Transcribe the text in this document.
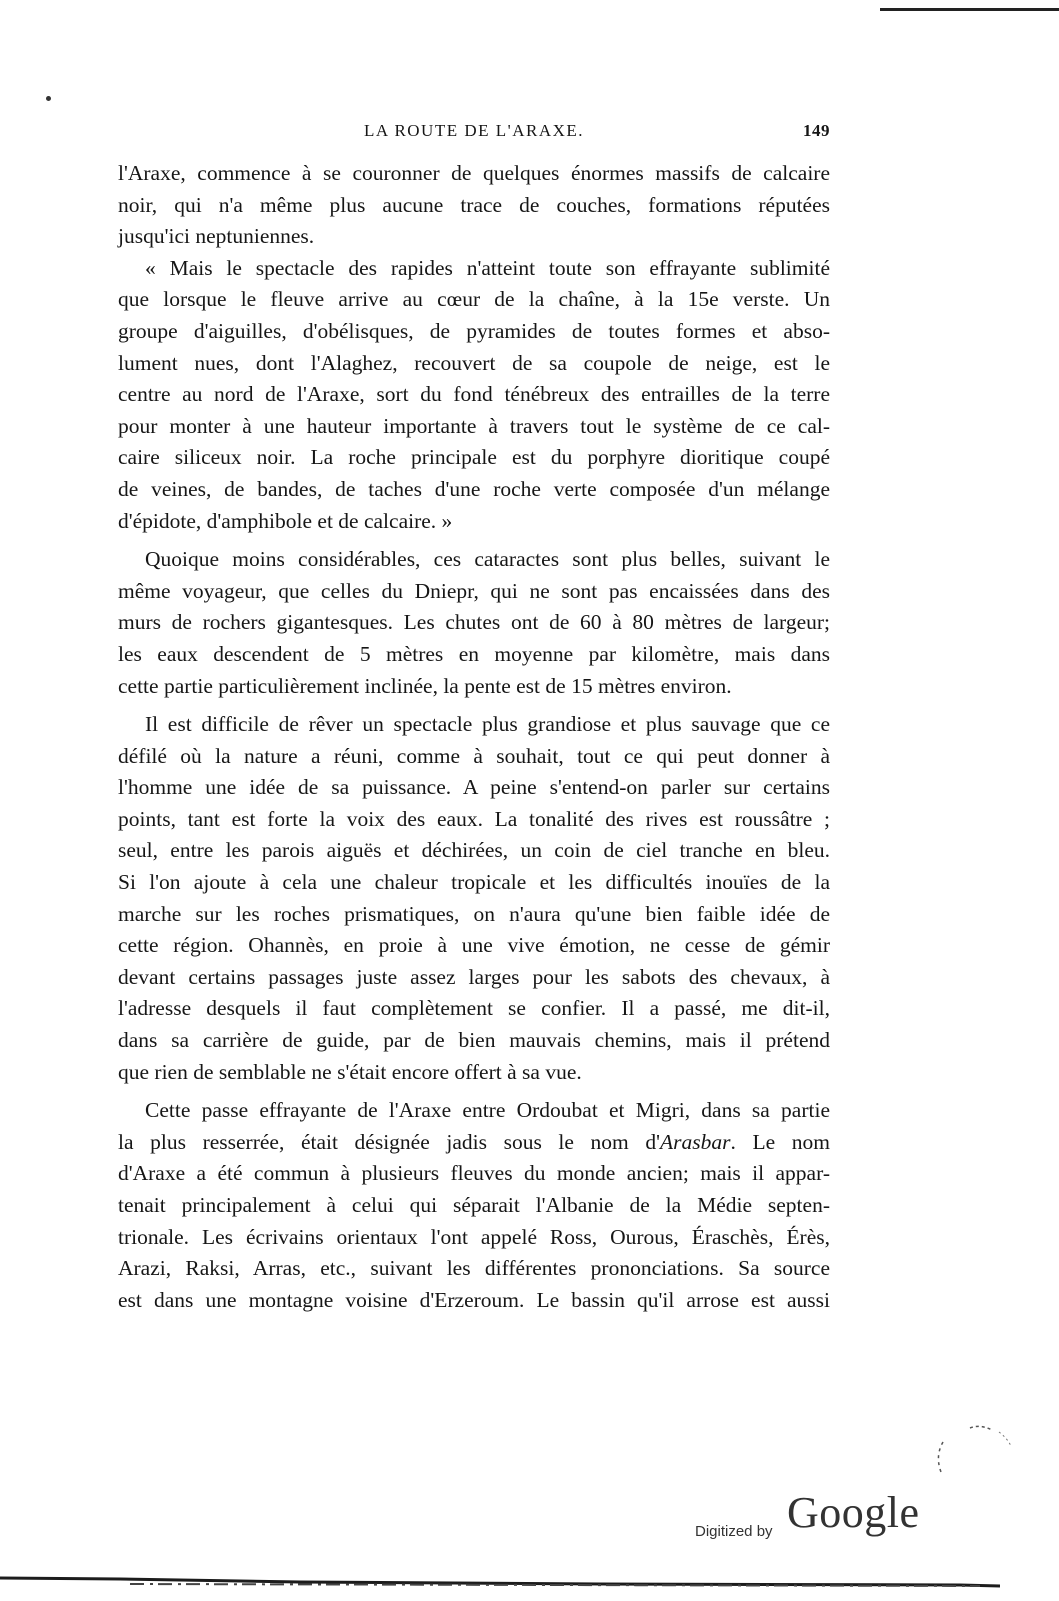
LA ROUTE DE L'ARAXE.	149
l'Araxe, commence à se couronner de quelques énormes massifs de calcaire
noir, qui n'a même plus aucune trace de couches, formations réputées
jusqu'ici neptuniennes.
« Mais le spectacle des rapides n'atteint toute son effrayante sublimité
que lorsque le fleuve arrive au cœur de la chaîne, à la 15e verste. Un
groupe d'aiguilles, d'obélisques, de pyramides de toutes formes et abso-
lument nues, dont l'Alaghez, recouvert de sa coupole de neige, est le
centre au nord de l'Araxe, sort du fond ténébreux des entrailles de la terre
pour monter à une hauteur importante à travers tout le système de ce cal-
caire siliceux noir. La roche principale est du porphyre dioritique coupé
de veines, de bandes, de taches d'une roche verte composée d'un mélange
d'épidote, d'amphibole et de calcaire. »
Quoique moins considérables, ces cataractes sont plus belles, suivant le
même voyageur, que celles du Dniepr, qui ne sont pas encaissées dans des
murs de rochers gigantesques. Les chutes ont de 60 à 80 mètres de largeur;
les eaux descendent de 5 mètres en moyenne par kilomètre, mais dans
cette partie particulièrement inclinée, la pente est de 15 mètres environ.
Il est difficile de rêver un spectacle plus grandiose et plus sauvage que ce
défilé où la nature a réuni, comme à souhait, tout ce qui peut donner à
l'homme une idée de sa puissance. A peine s'entend-on parler sur certains
points, tant est forte la voix des eaux. La tonalité des rives est roussâtre ;
seul, entre les parois aiguës et déchirées, un coin de ciel tranche en bleu.
Si l'on ajoute à cela une chaleur tropicale et les difficultés inouïes de la
marche sur les roches prismatiques, on n'aura qu'une bien faible idée de
cette région. Ohannès, en proie à une vive émotion, ne cesse de gémir
devant certains passages juste assez larges pour les sabots des chevaux, à
l'adresse desquels il faut complètement se confier. Il a passé, me dit-il,
dans sa carrière de guide, par de bien mauvais chemins, mais il prétend
que rien de semblable ne s'était encore offert à sa vue.
Cette passe effrayante de l'Araxe entre Ordoubat et Migri, dans sa partie
la plus resserrée, était désignée jadis sous le nom d'Arasbar. Le nom
d'Araxe a été commun à plusieurs fleuves du monde ancien; mais il appar-
tenait principalement à celui qui séparait l'Albanie de la Médie septen-
trionale. Les écrivains orientaux l'ont appelé Ross, Ourous, Éraschès, Érès,
Arazi, Raksi, Arras, etc., suivant les différentes prononciations. Sa source
est dans une montagne voisine d'Erzeroum. Le bassin qu'il arrose est aussi
Digitized by Google
